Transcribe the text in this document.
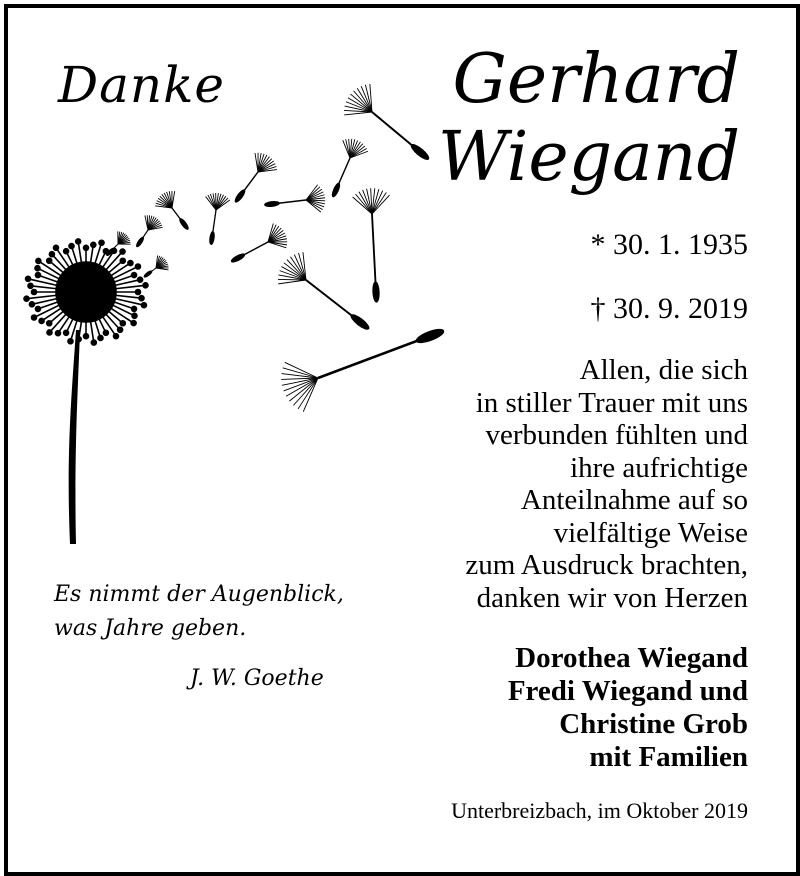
Danke	Gerhard
Wiegand
* 30. 1. 1935
† 30. 9. 2019
Allen, die sich
in stiller Trauer mit uns
verbunden fühlten und
ihre aufrichtige
Anteilnahme auf so
vielfältige Weise
zum Ausdruck brachten,
danken wir von Herzen
Dorothea Wiegand
Fredi Wiegand und
Christine Grob
mit Familien
Unterbreizbach, im Oktober 2019
Es nimmt der Augenblick,
was Jahre geben.
J. W. Goethe
